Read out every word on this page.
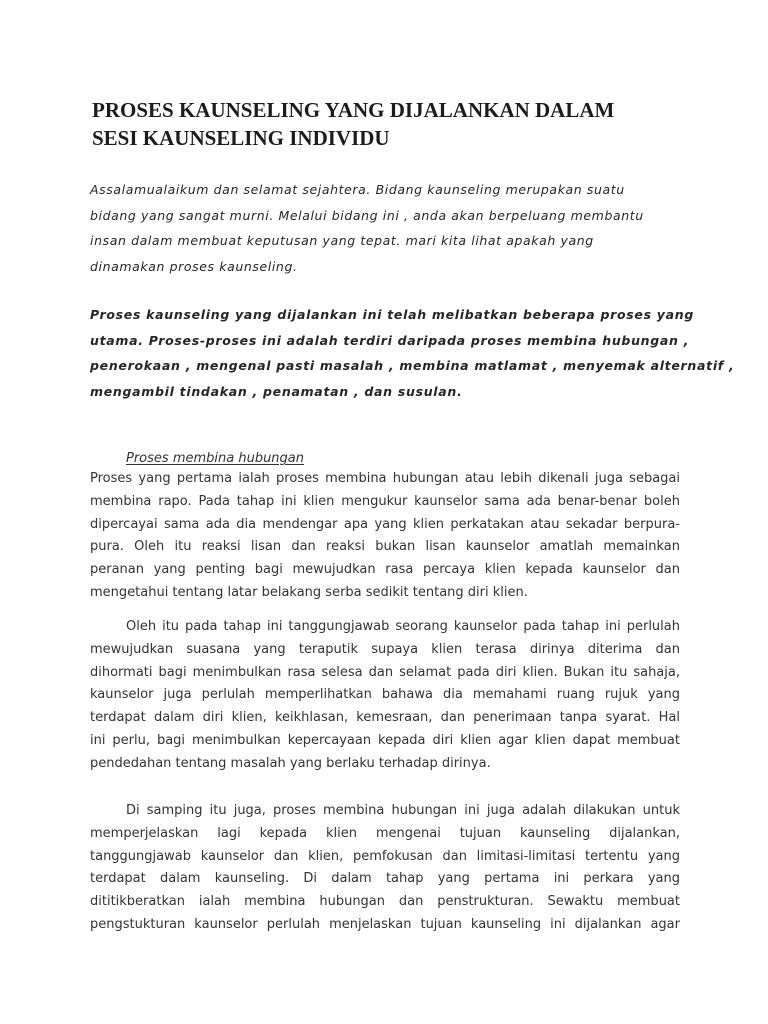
PROSES KAUNSELING YANG DIJALANKAN DALAM
SESI KAUNSELING INDIVIDU

Assalamualaikum dan selamat sejahtera. Bidang kaunseling merupakan suatu
bidang yang sangat murni. Melalui bidang ini , anda akan berpeluang membantu
insan dalam membuat keputusan yang tepat. mari kita lihat apakah yang
dinamakan proses kaunseling.

Proses kaunseling yang dijalankan ini telah melibatkan beberapa proses yang
utama. Proses-proses ini adalah terdiri daripada proses membina hubungan ,
penerokaan , mengenal pasti masalah , membina matlamat , menyemak alternatif ,
mengambil tindakan , penamatan , dan susulan.

Proses membina hubungan

Proses yang pertama ialah proses membina hubungan atau lebih dikenali juga sebagai
membina rapo. Pada tahap ini klien mengukur kaunselor sama ada benar-benar boleh
dipercayai sama ada dia mendengar apa yang klien perkatakan atau sekadar berpura-
pura. Oleh itu reaksi lisan dan reaksi bukan lisan kaunselor amatlah memainkan
peranan yang penting bagi mewujudkan rasa percaya klien kepada kaunselor dan
mengetahui tentang latar belakang serba sedikit tentang diri klien.

Oleh itu pada tahap ini tanggungjawab seorang kaunselor pada tahap ini perlulah
mewujudkan suasana yang teraputik supaya klien terasa dirinya diterima dan
dihormati bagi menimbulkan rasa selesa dan selamat pada diri klien. Bukan itu sahaja,
kaunselor juga perlulah memperlihatkan bahawa dia memahami ruang rujuk yang
terdapat dalam diri klien, keikhlasan, kemesraan, dan penerimaan tanpa syarat. Hal
ini perlu, bagi menimbulkan kepercayaan kepada diri klien agar klien dapat membuat
pendedahan tentang masalah yang berlaku terhadap dirinya.

Di samping itu juga, proses membina hubungan ini juga adalah dilakukan untuk
memperjelaskan lagi kepada klien mengenai tujuan kaunseling dijalankan,
tanggungjawab kaunselor dan klien, pemfokusan dan limitasi-limitasi tertentu yang
terdapat dalam kaunseling. Di dalam tahap yang pertama ini perkara yang
dititikberatkan ialah membina hubungan dan penstrukturan. Sewaktu membuat
pengstukturan kaunselor perlulah menjelaskan tujuan kaunseling ini dijalankan agar
